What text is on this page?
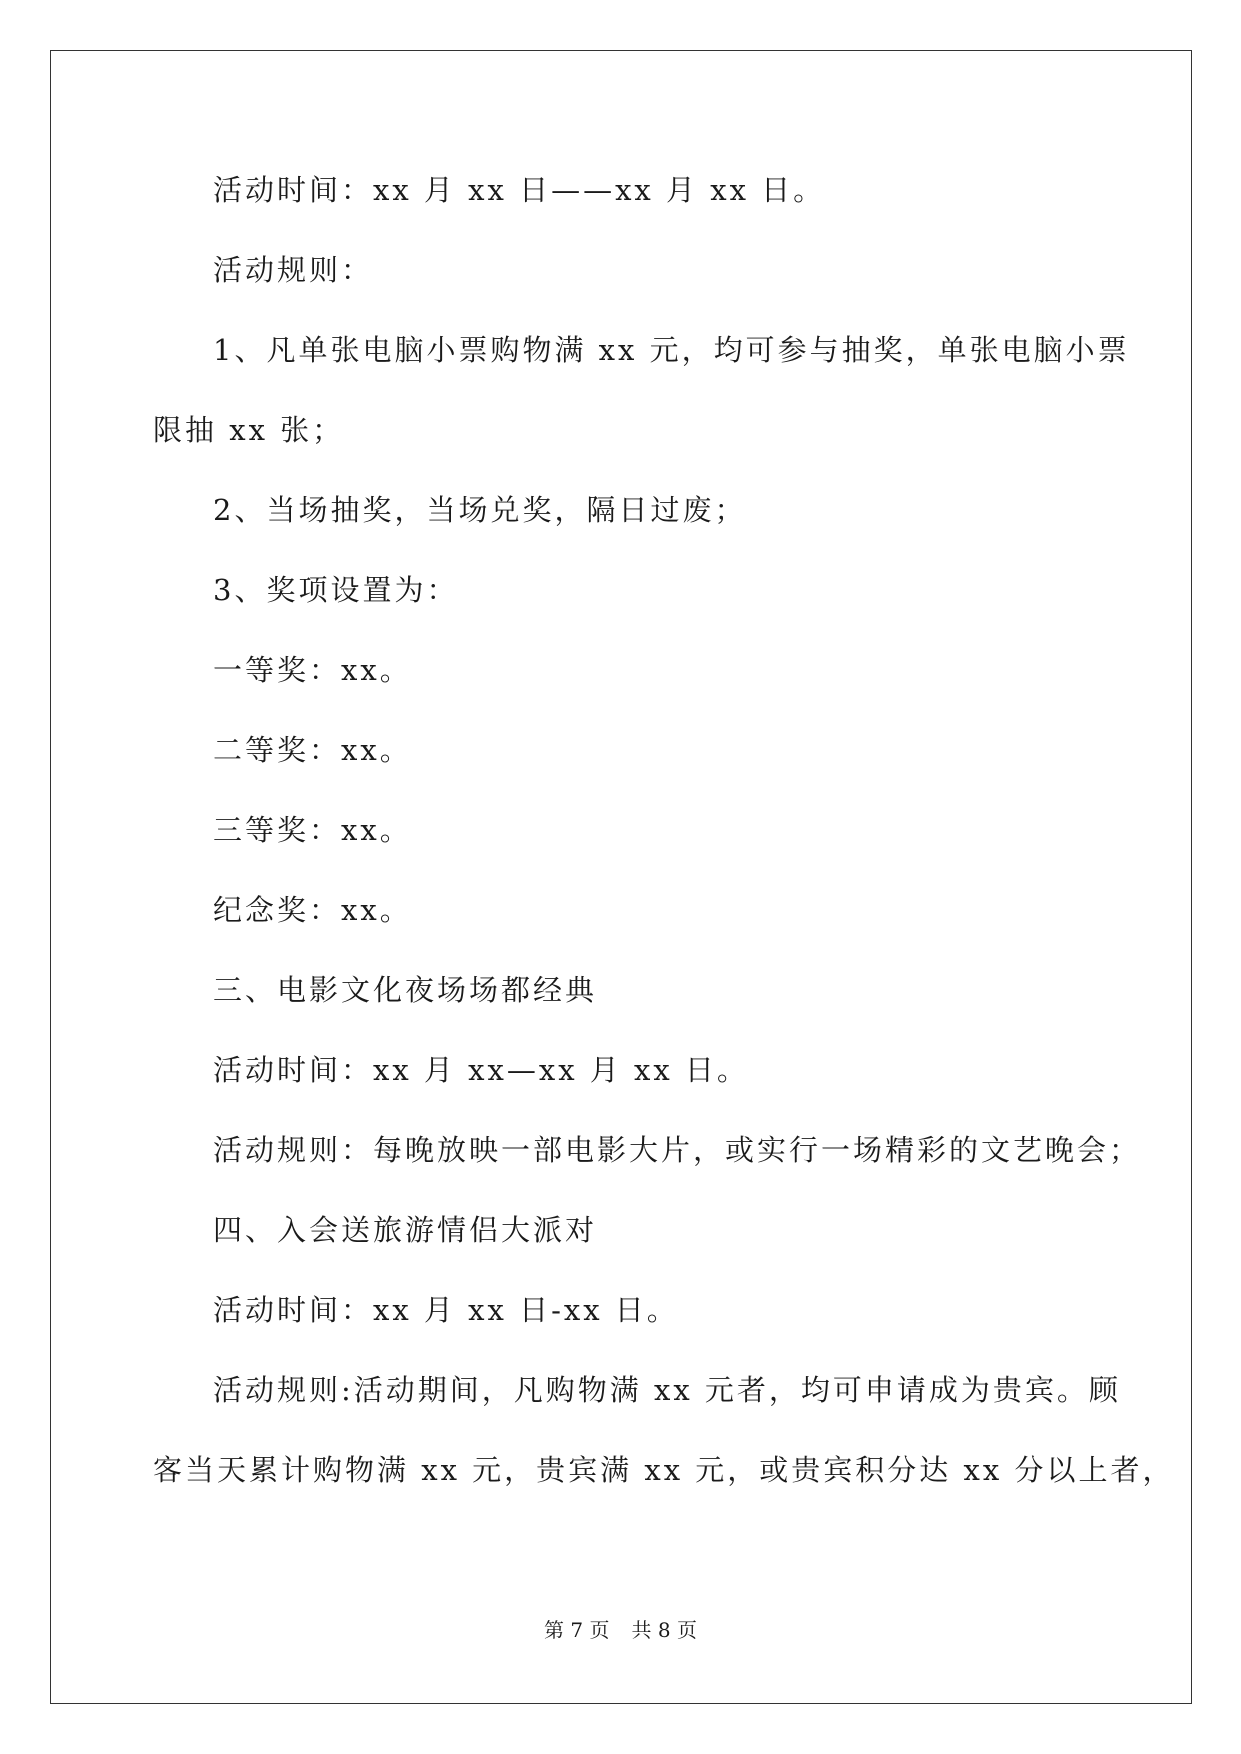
活动时间：xx 月 xx 日——xx 月 xx 日。
活动规则：
1、凡单张电脑小票购物满 xx 元，均可参与抽奖，单张电脑小票
限抽 xx 张；
2、当场抽奖，当场兑奖，隔日过废；
3、奖项设置为：
一等奖：xx。
二等奖：xx。
三等奖：xx。
纪念奖：xx。
三、电影文化夜场场都经典
活动时间：xx 月 xx—xx 月 xx 日。
活动规则：每晚放映一部电影大片，或实行一场精彩的文艺晚会；
四、入会送旅游情侣大派对
活动时间：xx 月 xx 日-xx 日。
活动规则:活动期间，凡购物满 xx 元者，均可申请成为贵宾。顾
客当天累计购物满 xx 元，贵宾满 xx 元，或贵宾积分达 xx 分以上者，
第 7 页 共 8 页
